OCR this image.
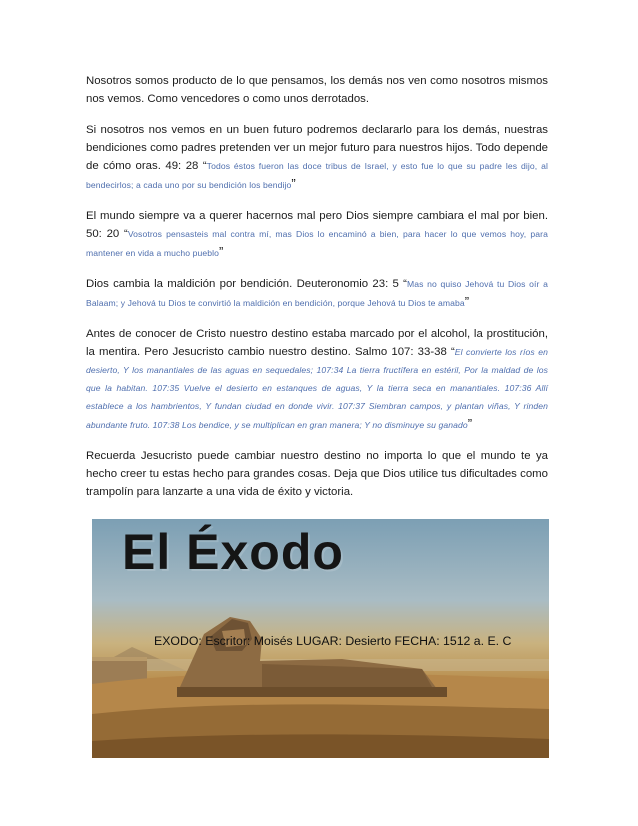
Nosotros somos producto de lo que pensamos, los demás nos ven como nosotros mismos nos vemos. Como vencedores o como unos derrotados.

Si nosotros nos vemos en un buen futuro podremos declararlo para los demás, nuestras bendiciones como padres pretenden ver un mejor futuro para nuestros hijos. Todo depende de cómo oras. 49: 28 “Todos éstos fueron las doce tribus de Israel, y esto fue lo que su padre les dijo, al bendecirlos; a cada uno por su bendición los bendijo”

El mundo siempre va a querer hacernos mal pero Dios siempre cambiara el mal por bien. 50: 20 “Vosotros pensasteis mal contra mí, mas Dios lo encaminó a bien, para hacer lo que vemos hoy, para mantener en vida a mucho pueblo”

Dios cambia la maldición por bendición. Deuteronomio 23: 5 “Mas no quiso Jehová tu Dios oír a Balaam; y Jehová tu Dios te convirtió la maldición en bendición, porque Jehová tu Dios te amaba”

Antes de conocer de Cristo nuestro destino estaba marcado por el alcohol, la prostitución, la mentira. Pero Jesucristo cambio nuestro destino. Salmo 107: 33-38 “El convierte los ríos en desierto, Y los manantiales de las aguas en sequedales; 107:34 La tierra fructífera en estéril, Por la maldad de los que la habitan. 107:35 Vuelve el desierto en estanques de aguas, Y la tierra seca en manantiales. 107:36 Allí establece a los hambrientos, Y fundan ciudad en donde vivir. 107:37 Siembran campos, y plantan viñas, Y rinden abundante fruto. 107:38 Los bendice, y se multiplican en gran manera; Y no disminuye su ganado”

Recuerda Jesucristo puede cambiar nuestro destino no importa lo que el mundo te ya hecho creer tu estas hecho para grandes cosas. Deja que Dios utilice tus dificultades como trampolín para lanzarte a una vida de éxito y victoria.

El Éxodo
EXODO: Escritor: Moisés LUGAR: Desierto FECHA: 1512 a. E. C
